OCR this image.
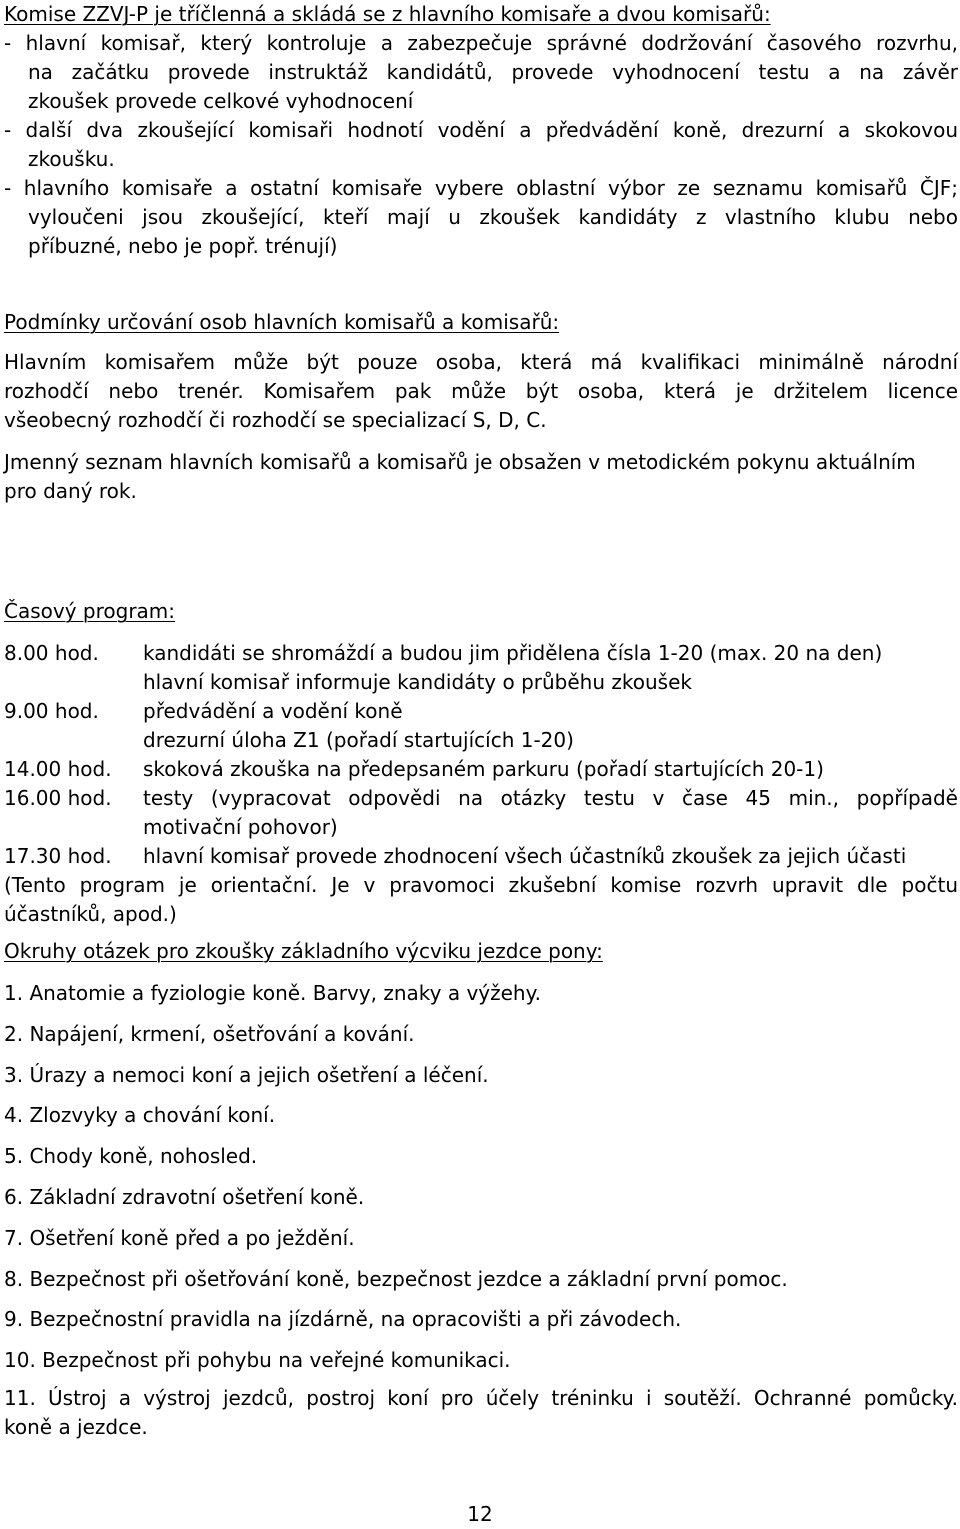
Komise ZZVJ-P je tříčlenná a skládá se z hlavního komisaře a dvou komisařů:
- hlavní komisař, který kontroluje a zabezpečuje správné dodržování časového rozvrhu,
na začátku provede instruktáž kandidátů, provede vyhodnocení testu a na závěr
zkoušek provede celkové vyhodnocení
- další dva zkoušející komisaři hodnotí vodění a předvádění koně, drezurní a skokovou
zkoušku.
- hlavního komisaře a ostatní komisaře vybere oblastní výbor ze seznamu komisařů ČJF;
vyloučeni jsou zkoušející, kteří mají u zkoušek kandidáty z vlastního klubu nebo
příbuzné, nebo je popř. trénují)
Podmínky určování osob hlavních komisařů a komisařů:
Hlavním komisařem může být pouze osoba, která má kvalifikaci minimálně národní
rozhodčí nebo trenér. Komisařem pak může být osoba, která je držitelem licence
všeobecný rozhodčí či rozhodčí se specializací S, D, C.
Jmenný seznam hlavních komisařů a komisařů je obsažen v metodickém pokynu aktuálním
pro daný rok.
Časový program:
8.00 hod.	kandidáti se shromáždí a budou jim přidělena čísla 1-20 (max. 20 na den)
hlavní komisař informuje kandidáty o průběhu zkoušek
9.00 hod.	předvádění a vodění koně
drezurní úloha Z1 (pořadí startujících 1-20)
14.00 hod.	skoková zkouška na předepsaném parkuru (pořadí startujících 20-1)
16.00 hod.	testy (vypracovat odpovědi na otázky testu v čase 45 min., popřípadě
motivační pohovor)
17.30 hod.	hlavní komisař provede zhodnocení všech účastníků zkoušek za jejich účasti
(Tento program je orientační. Je v pravomoci zkušební komise rozvrh upravit dle počtu
účastníků, apod.)
Okruhy otázek pro zkoušky základního výcviku jezdce pony:
1. Anatomie a fyziologie koně. Barvy, znaky a výžehy.
2. Napájení, krmení, ošetřování a kování.
3. Úrazy a nemoci koní a jejich ošetření a léčení.
4. Zlozvyky a chování koní.
5. Chody koně, nohosled.
6. Základní zdravotní ošetření koně.
7. Ošetření koně před a po ježdění.
8. Bezpečnost při ošetřování koně, bezpečnost jezdce a základní první pomoc.
9. Bezpečnostní pravidla na jízdárně, na opracovišti a při závodech.
10. Bezpečnost při pohybu na veřejné komunikaci.
11. Ústroj a výstroj jezdců, postroj koní pro účely tréninku i soutěží. Ochranné pomůcky.
koně a jezdce.
12
